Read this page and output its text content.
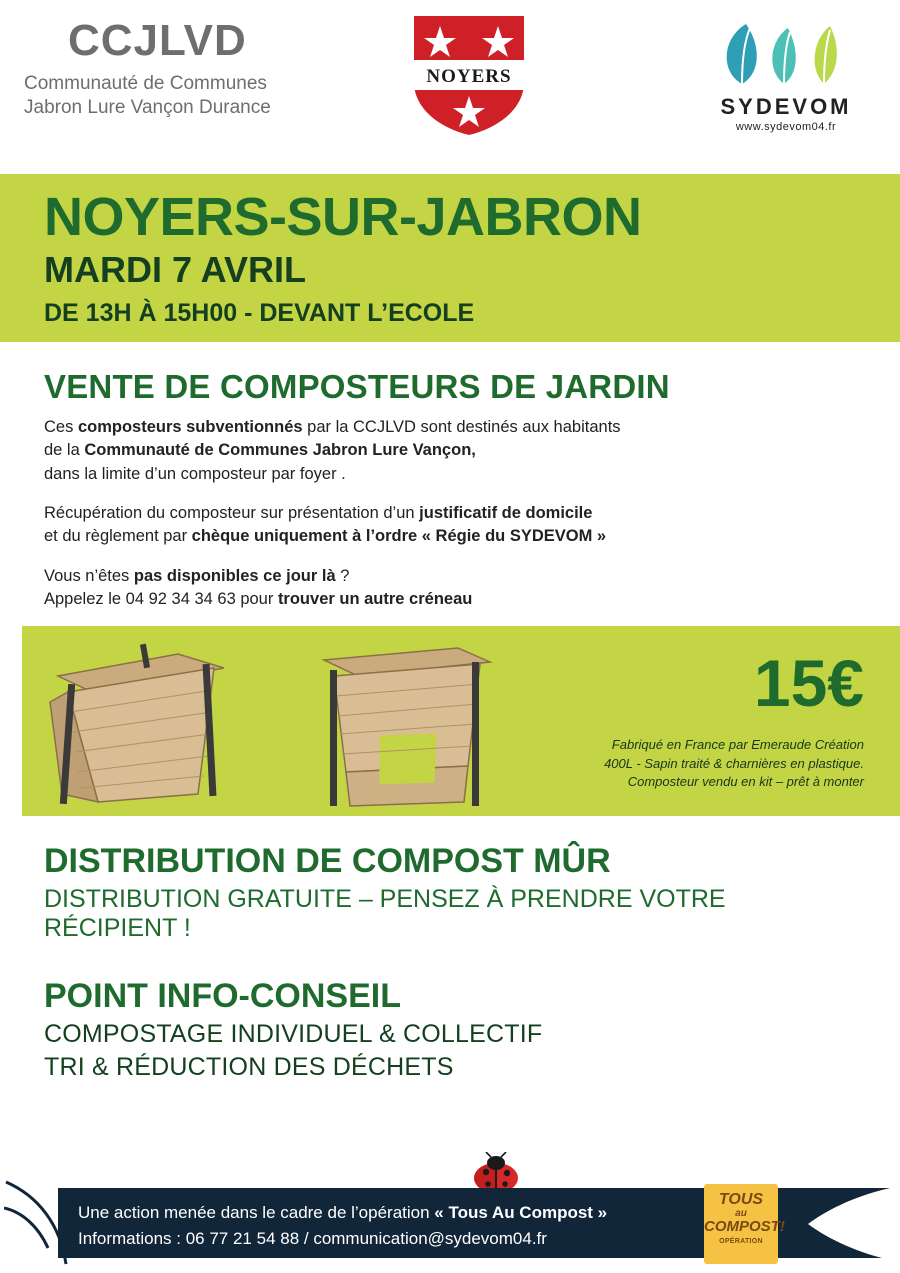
CCJLVD
Communauté de Communes
Jabron Lure Vançon Durance
NOYERS
SYDEVOM
www.sydevom04.fr
NOYERS-SUR-JABRON
MARDI 7 AVRIL
DE 13H À 15H00 - DEVANT L’ECOLE
VENTE DE COMPOSTEURS DE JARDIN

Ces composteurs subventionnés par la CCJLVD sont destinés aux habitants
de la Communauté de Communes Jabron Lure Vançon,
dans la limite d’un composteur par foyer .

Récupération du composteur sur présentation d’un justificatif de domicile
et du règlement par chèque uniquement à l’ordre « Régie du SYDEVOM »

Vous n’êtes pas disponibles ce jour là ?
Appelez le 04 92 34 34 63 pour trouver un autre créneau

15€
Fabriqué en France par Emeraude Création
400L - Sapin traité & charnières en plastique.
Composteur vendu en kit – prêt à monter
DISTRIBUTION DE COMPOST MÛR
DISTRIBUTION GRATUITE – PENSEZ À PRENDRE VOTRE RÉCIPIENT !
POINT INFO-CONSEIL
COMPOSTAGE INDIVIDUEL & COLLECTIF
TRI & RÉDUCTION DES DÉCHETS
Une action menée dans le cadre de l’opération « Tous Au Compost »
Informations : 06 77 21 54 88 / communication@sydevom04.fr
TOUS
au
COMPOST!
OPÉRATION
